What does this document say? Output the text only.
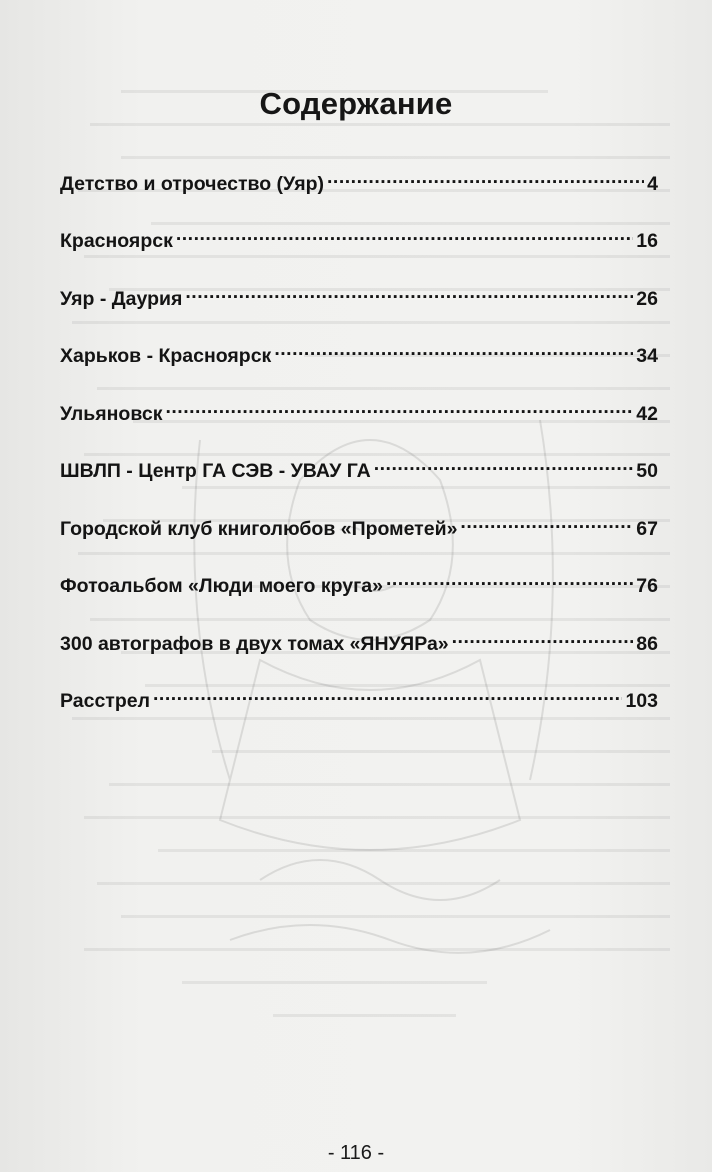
Содержание
Детство и отрочество (Уяр) .....	4
Красноярск .....	16
Уяр - Даурия .....	26
Харьков - Красноярск .....	34
Ульяновск .....	42
ШВЛП - Центр ГА СЭВ - УВАУ ГА .....	50
Городской клуб книголюбов «Прометей» .....	67
Фотоальбом «Люди моего круга» .....	76
300 автографов в двух томах «ЯНУЯРа» .....	86
Расстрел .....	103
- 116 -
